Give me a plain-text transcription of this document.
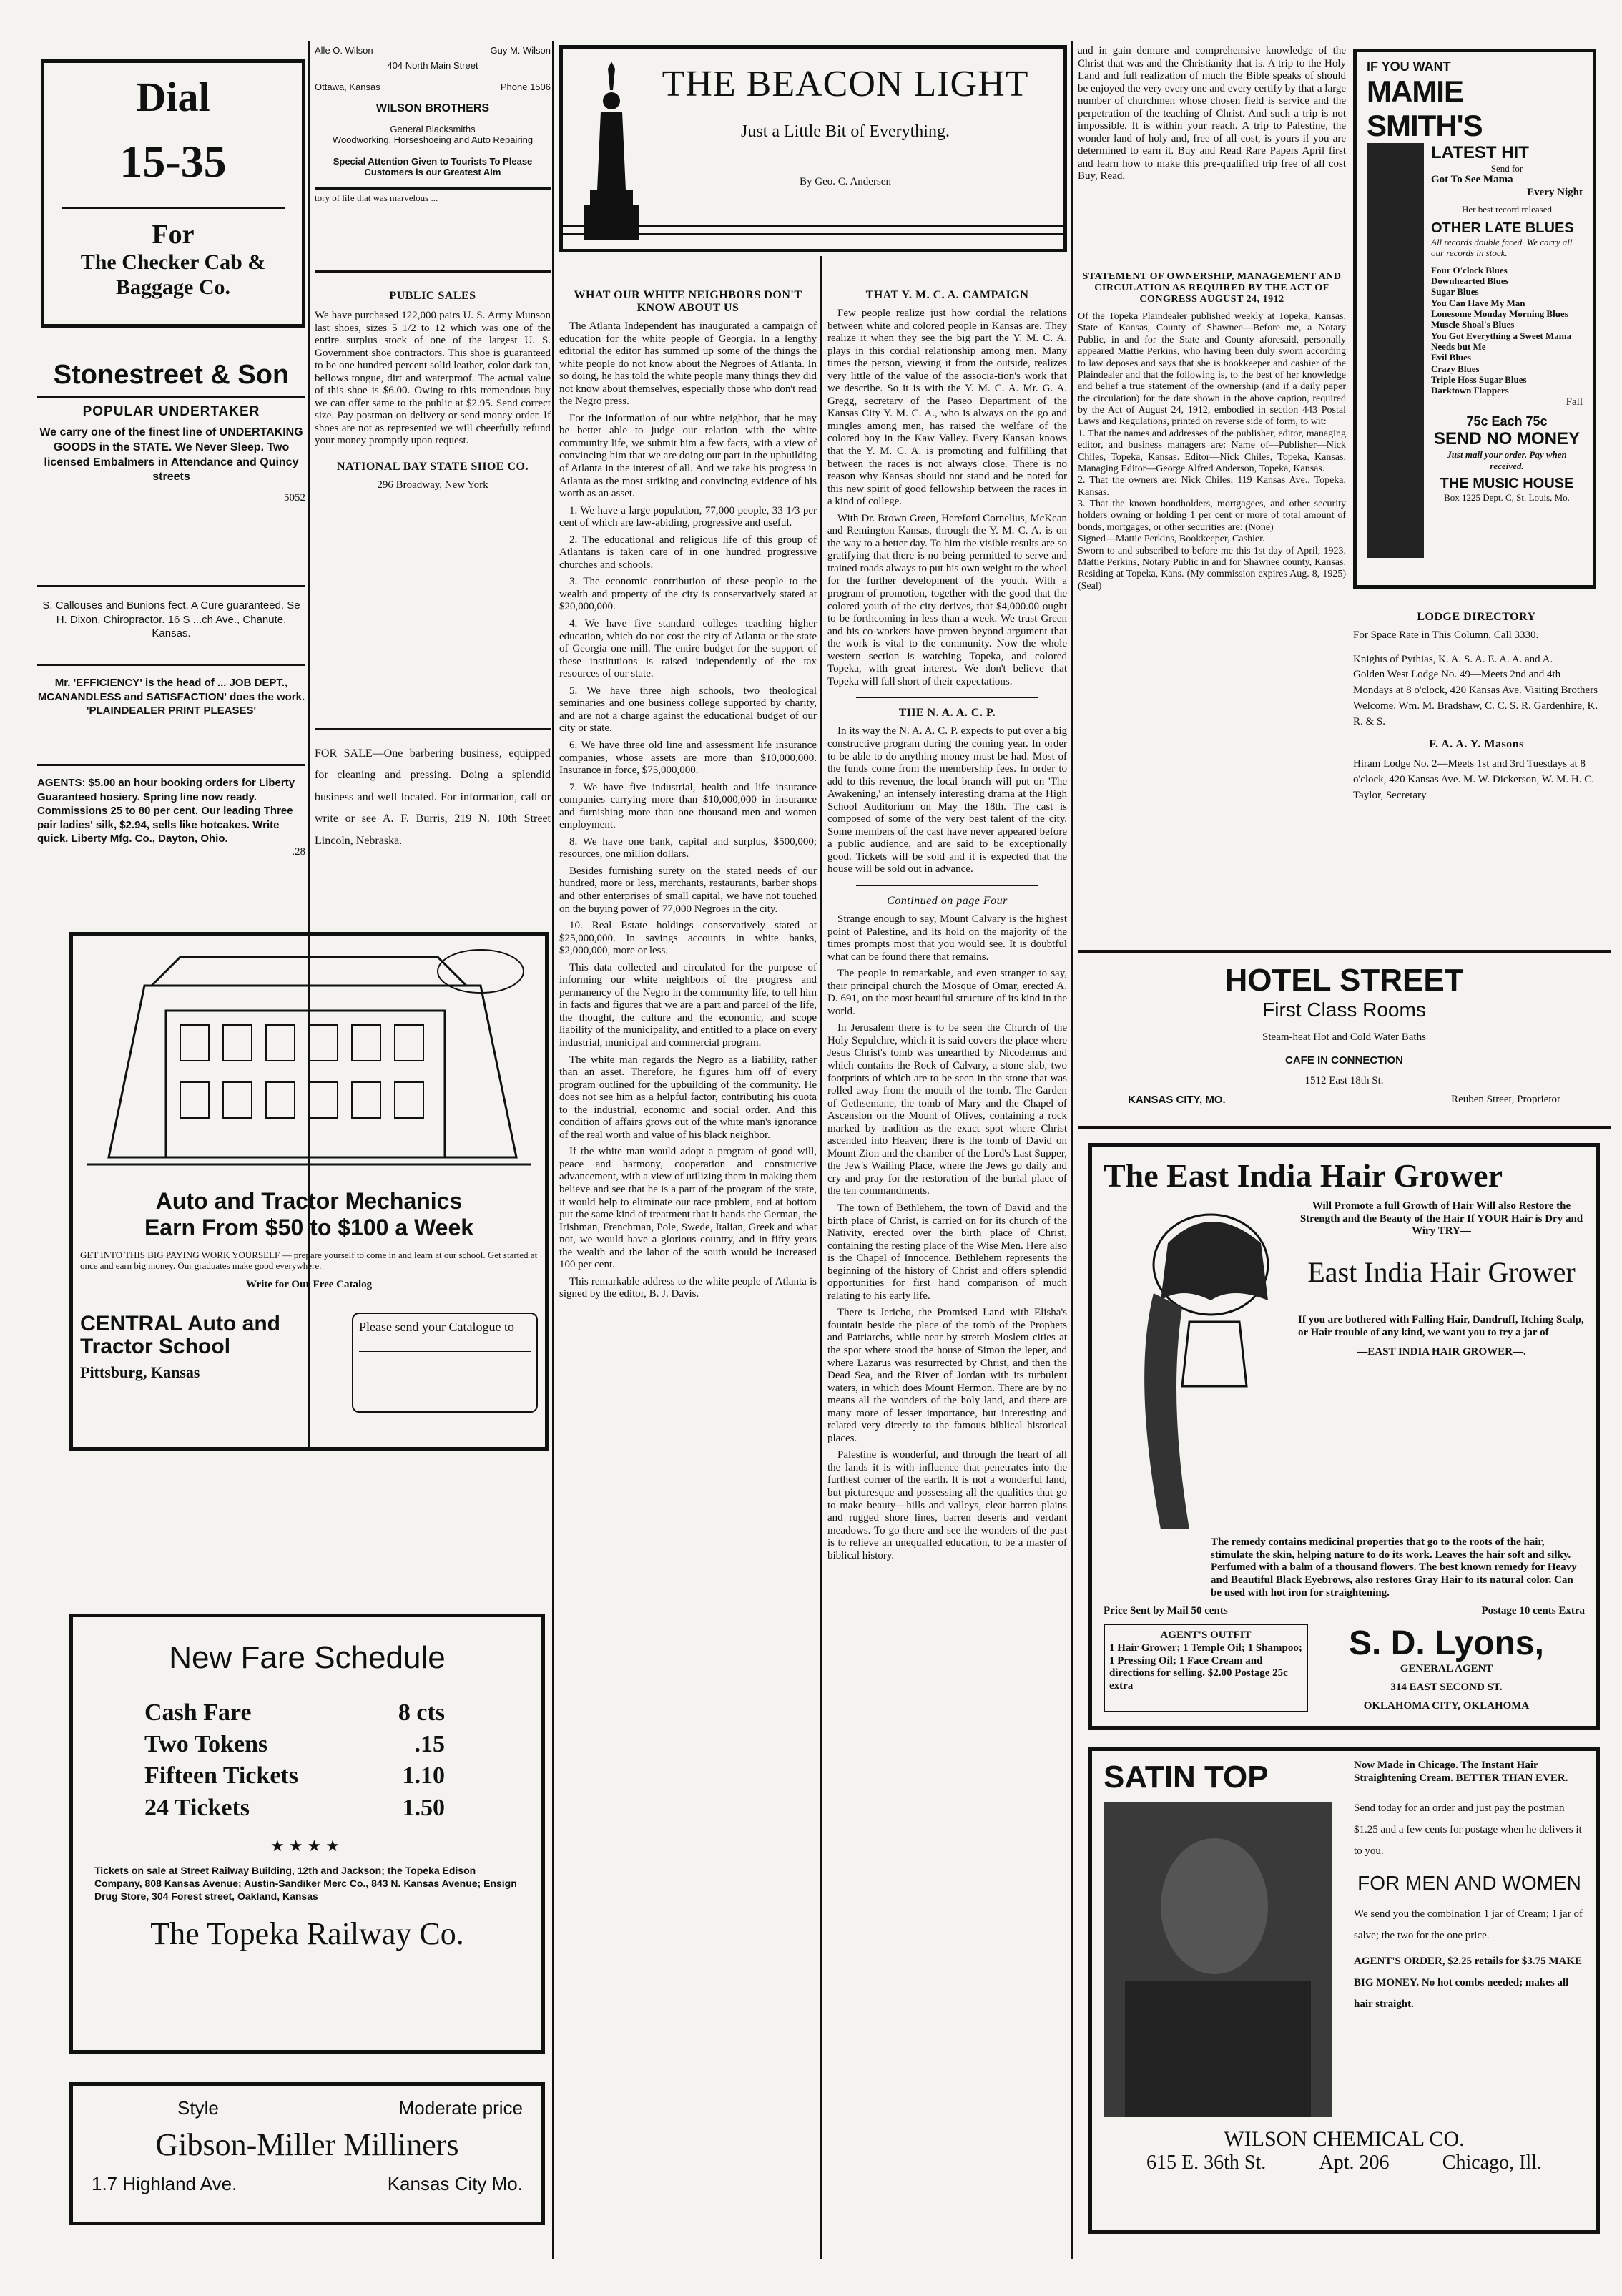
Dial
15-35
For
The Checker Cab & Baggage Co.
Stonestreet & Son
POPULAR UNDERTAKER
We carry one of the finest line of UNDERTAKING GOODS in the STATE. We Never Sleep. Two licensed Embalmers in Attendance and Quincy streets
5052
S. Callouses and Bunions fect. A Cure guaranteed. Se H. Dixon, Chiropractor. 16 S ...ch Ave., Chanute, Kansas.
Mr. 'EFFICIENCY' is the head of ... JOB DEPT., MCANANDLESS and SATISFACTION' does the work. 'PLAINDEALER PRINT PLEASES'
AGENTS: $5.00 an hour booking orders for Liberty Guaranteed hosiery. Spring line now ready. Commissions 25 to 80 per cent. Our leading Three pair ladies' silk, $2.94, sells like hotcakes. Write quick. Liberty Mfg. Co., Dayton, Ohio.
.28
Alle O. Wilson	Guy M. Wilson
404 North Main Street
Ottawa, Kansas	Phone 1506
WILSON BROTHERS
General Blacksmiths
Woodworking, Horseshoeing and Auto Repairing
Special Attention Given to Tourists To Please Customers is our Greatest Aim
tory of life that was marvelous ...
PUBLIC SALES
We have purchased 122,000 pairs U. S. Army Munson last shoes, sizes 5 1/2 to 12 which was one of the entire surplus stock of one of the largest U. S. Government shoe contractors. This shoe is guaranteed to be one hundred percent solid leather, color dark tan, bellows tongue, dirt and waterproof. The actual value of this shoe is $6.00. Owing to this tremendous buy we can offer same to the public at $2.95. Send correct size. Pay postman on delivery or send money order. If shoes are not as represented we will cheerfully refund your money promptly upon request.
NATIONAL BAY STATE SHOE CO.
296 Broadway, New York
FOR SALE—One barbering business, equipped for cleaning and pressing. Doing a splendid business and well located. For information, call or write or see A. F. Burris, 219 N. 10th Street Lincoln, Nebraska.
Auto and Tractor Mechanics
Earn From $50 to $100 a Week
GET INTO THIS BIG PAYING WORK YOURSELF — prepare yourself to come in and learn at our school. Get started at once and earn big money. Our graduates make good everywhere.
Write for Our Free Catalog
CENTRAL Auto and Tractor School
Pittsburg, Kansas
Please send your Catalogue to—
New Fare Schedule
Cash Fare	8 cts
Two Tokens	.15
Fifteen Tickets	1.10
24 Tickets	1.50
★★★★
Tickets on sale at Street Railway Building, 12th and Jackson; the Topeka Edison Company, 808 Kansas Avenue; Austin-Sandiker Merc Co., 843 N. Kansas Avenue; Ensign Drug Store, 304 Forest street, Oakland, Kansas
The Topeka Railway Co.
Style	Moderate price
Gibson-Miller Milliners
1.7 Highland Ave.	Kansas City Mo.
THE BEACON LIGHT
Just a Little Bit of Everything.
By Geo. C. Andersen
WHAT OUR WHITE NEIGHBORS DON'T KNOW ABOUT US

The Atlanta Independent has inaugurated a campaign of education for the white people of Georgia. In a lengthy editorial the editor has summed up some of the things the white people do not know about the Negroes of Atlanta. In so doing, he has told the white people many things they did not know about themselves, especially those who don't read the Negro press.

For the information of our white neighbor, that he may be better able to judge our relation with the white community life, we submit him a few facts, with a view of convincing him that we are doing our part in the upbuilding of Atlanta in the interest of all. And we take his progress in Atlanta as the most striking and convincing evidence of his worth as an asset.

1. We have a large population, 77,000 people, 33 1/3 per cent of which are law-abiding, progressive and useful.

2. The educational and religious life of this group of Atlantans is taken care of in one hundred progressive churches and schools.

3. The economic contribution of these people to the wealth and property of the city is conservatively stated at $20,000,000.

4. We have five standard colleges teaching higher education, which do not cost the city of Atlanta or the state of Georgia one mill. The entire budget for the support of these institutions is raised independently of the tax resources of our state.

5. We have three high schools, two theological seminaries and one business college supported by charity, and are not a charge against the educational budget of our city or state.

6. We have three old line and assessment life insurance companies, whose assets are more than $10,000,000. Insurance in force, $75,000,000.

7. We have five industrial, health and life insurance companies carrying more than $10,000,000 in insurance and furnishing more than one thousand men and women employment.

8. We have one bank, capital and surplus, $500,000; resources, one million dollars.

Besides furnishing surety on the stated needs of our hundred, more or less, merchants, restaurants, barber shops and other enterprises of small capital, we have not touched on the buying power of 77,000 Negroes in the city.

10. Real Estate holdings conservatively stated at $25,000,000. In savings accounts in white banks, $2,000,000, more or less.

This data collected and circulated for the purpose of informing our white neighbors of the progress and permanency of the Negro in the community life, to tell him in facts and figures that we are a part and parcel of the life, the thought, the culture and the economic, and scope liability of the municipality, and entitled to a place on every industrial, municipal and commercial program.

The white man regards the Negro as a liability, rather than an asset. Therefore, he figures him off of every program outlined for the upbuilding of the community. He does not see him as a helpful factor, contributing his quota to the industrial, economic and social order. And this condition of affairs grows out of the white man's ignorance of the real worth and value of his black neighbor.

If the white man would adopt a program of good will, peace and harmony, cooperation and constructive advancement, with a view of utilizing them in making them believe and see that he is a part of the program of the state, it would help to eliminate our race problem, and at bottom put the same kind of treatment that it hands the German, the Irishman, Frenchman, Pole, Swede, Italian, Greek and what not, we would have a glorious country, and in fifty years the wealth and the labor of the south would be increased 100 per cent.

This remarkable address to the white people of Atlanta is signed by the editor, B. J. Davis.

THAT Y. M. C. A. CAMPAIGN

Few people realize just how cordial the relations between white and colored people in Kansas are. They realize it when they see the big part the Y. M. C. A. plays in this cordial relationship among men. Many times the person, viewing it from the outside, realizes very little of the value of the associa-tion's work that we describe. So it is with the Y. M. C. A. Mr. G. A. Gregg, secretary of the Paseo Department of the Kansas City Y. M. C. A., who is always on the go and mingles among men, has raised the welfare of the colored boy in the Kaw Valley. Every Kansan knows that the Y. M. C. A. is promoting and fulfilling that between the races is not always close. There is no reason why Kansas should not stand and be noted for this new spirit of good fellowship between the races in a kind of college.

With Dr. Brown Green, Hereford Cornelius, McKean and Remington Kansas, through the Y. M. C. A. is on the way to a better day. To him the visible results are so gratifying that there is no being permitted to serve and trained roads always to put his own weight to the wheel for the further development of the youth. With a program of promotion, together with the good that the colored youth of the city derives, that $4,000.00 ought to be forthcoming in less than a week. We trust Green and his co-workers have proven beyond argument that the work is vital to the community. Now the whole western section is watching Topeka, and colored Topeka, with great interest. We don't believe that Topeka will fall short of their expectations.

THE N. A. A. C. P.

In its way the N. A. A. C. P. expects to put over a big constructive program during the coming year. In order to be able to do anything money must be had. Most of the funds come from the membership fees. In order to add to this revenue, the local branch will put on 'The Awakening,' an intensely interesting drama at the High School Auditorium on May the 18th. The cast is composed of some of the very best talent of the city. Some members of the cast have never appeared before a public audience, and are said to be exceptionally good. Tickets will be sold and it is expected that the house will be sold out in advance.

Continued on page Four

Strange enough to say, Mount Calvary is the highest point of Palestine, and its hold on the majority of the times prompts most that you would see. It is doubtful what can be found there that remains.

The people in remarkable, and even stranger to say, their principal church the Mosque of Omar, erected A. D. 691, on the most beautiful structure of its kind in the world.

In Jerusalem there is to be seen the Church of the Holy Sepulchre, which it is said covers the place where Jesus Christ's tomb was unearthed by Nicodemus and which contains the Rock of Calvary, a stone slab, two footprints of which are to be seen in the stone that was rolled away from the mouth of the tomb. The Garden of Gethsemane, the tomb of Mary and the Chapel of Ascension on the Mount of Olives, containing a rock marked by tradition as the exact spot where Christ ascended into Heaven; there is the tomb of David on Mount Zion and the chamber of the Lord's Last Supper, the Jew's Wailing Place, where the Jews go daily and cry and pray for the restoration of the burial place of the ten commandments.

The town of Bethlehem, the town of David and the birth place of Christ, is carried on for its church of the Nativity, erected over the birth place of Christ, containing the resting place of the Wise Men. Here also is the Chapel of Innocence. Bethlehem represents the beginning of the history of Christ and offers splendid opportunities for first hand comparison of much relating to his early life.

There is Jericho, the Promised Land with Elisha's fountain beside the place of the tomb of the Prophets and Patriarchs, while near by stretch Moslem cities at the spot where stood the house of Simon the leper, and where Lazarus was resurrected by Christ, and then the Dead Sea, and the River of Jordan with its turbulent waters, in which does Mount Hermon. There are by no means all the wonders of the holy land, and there are many more of lesser importance, but interesting and related very directly to the famous biblical historical places.

Palestine is wonderful, and through the heart of all the lands it is with influence that penetrates into the furthest corner of the earth. It is not a wonderful land, but picturesque and possessing all the qualities that go to make beauty—hills and valleys, clear barren plains and rugged shore lines, barren deserts and verdant meadows. To go there and see the wonders of the past is to relieve an unequalled education, to be a master of biblical history.

and in gain demure and comprehensive knowledge of the Christ that was and the Christianity that is. A trip to the Holy Land and full realization of much the Bible speaks of should be enjoyed the very every one and every certify by that a large number of churchmen whose chosen field is service and the perpetration of the teaching of Christ. And such a trip is not impossible. It is within your reach. A trip to Palestine, the wonder land of holy and, free of all cost, is yours if you are determined to earn it. Buy and Read Rare Papers April first and learn how to make this pre-qualified trip free of all cost Buy, Read.
STATEMENT OF OWNERSHIP, MANAGEMENT AND CIRCULATION AS REQUIRED BY THE ACT OF CONGRESS AUGUST 24, 1912
Of the Topeka Plaindealer published weekly at Topeka, Kansas. State of Kansas, County of Shawnee—Before me, a Notary Public, in and for the State and County aforesaid, personally appeared Mattie Perkins, who having been duly sworn according to law deposes and says that she is bookkeeper and cashier of the Plaindealer and that the following is, to the best of her knowledge and belief a true statement of the ownership (and if a daily paper the circulation) for the date shown in the above caption, required by the Act of August 24, 1912, embodied in section 443 Postal Laws and Regulations, printed on reverse side of form, to wit:
1. That the names and addresses of the publisher, editor, managing editor, and business managers are: Name of—Publisher—Nick Chiles, Topeka, Kansas. Editor—Nick Chiles, Topeka, Kansas. Managing Editor—George Alfred Anderson, Topeka, Kansas.
2. That the owners are: Nick Chiles, 119 Kansas Ave., Topeka, Kansas.
3. That the known bondholders, mortgagees, and other security holders owning or holding 1 per cent or more of total amount of bonds, mortgages, or other securities are: (None)
Signed—Mattie Perkins, Bookkeeper, Cashier.
Sworn to and subscribed to before me this 1st day of April, 1923. Mattie Perkins, Notary Public in and for Shawnee county, Kansas. Residing at Topeka, Kans. (My commission expires Aug. 8, 1925) (Seal)
IF YOU WANT
MAMIE SMITH'S
LATEST HIT
Send for
Got To See Mama
Every Night
Her best record released
OTHER LATE BLUES
All records double faced. We carry all our records in stock.
Four O'clock Blues
Downhearted Blues
Sugar Blues
You Can Have My Man
Lonesome Monday Morning Blues
Muscle Shoal's Blues
You Got Everything a Sweet Mama Needs but Me
Evil Blues
Crazy Blues
Triple Hoss Sugar Blues
Darktown Flappers
Fall
75c Each 75c
SEND NO MONEY
Just mail your order. Pay when received.
THE MUSIC HOUSE
Box 1225 Dept. C, St. Louis, Mo.
LODGE DIRECTORY
For Space Rate in This Column, Call 3330.
Knights of Pythias, K. A. S. A. E. A. A. and A.
Golden West Lodge No. 49—Meets 2nd and 4th Mondays at 8 o'clock, 420 Kansas Ave. Visiting Brothers Welcome. Wm. M. Bradshaw, C. C. S. R. Gardenhire, K. R. & S.
F. A. A. Y. Masons
Hiram Lodge No. 2—Meets 1st and 3rd Tuesdays at 8 o'clock, 420 Kansas Ave. M. W. Dickerson, W. M. H. C. Taylor, Secretary
HOTEL STREET
First Class Rooms
Steam-heat Hot and Cold Water Baths
CAFE IN CONNECTION
1512 East 18th St.
KANSAS CITY, MO.	Reuben Street, Proprietor
The East India Hair Grower
Will Promote a full Growth of Hair Will also Restore the Strength and the Beauty of the Hair If YOUR Hair is Dry and Wiry TRY—
East India Hair Grower
If you are bothered with Falling Hair, Dandruff, Itching Scalp, or Hair trouble of any kind, we want you to try a jar of
—EAST INDIA HAIR GROWER—.
The remedy contains medicinal properties that go to the roots of the hair, stimulate the skin, helping nature to do its work. Leaves the hair soft and silky. Perfumed with a balm of a thousand flowers. The best known remedy for Heavy and Beautiful Black Eyebrows, also restores Gray Hair to its natural color. Can be used with hot iron for straightening.
Price Sent by Mail 50 cents	Postage 10 cents Extra
AGENT'S OUTFIT
1 Hair Grower; 1 Temple Oil; 1 Shampoo; 1 Pressing Oil; 1 Face Cream and directions for selling. $2.00 Postage 25c extra
S. D. Lyons,
GENERAL AGENT
314 EAST SECOND ST.
OKLAHOMA CITY, OKLAHOMA
SATIN TOP	Now Made in Chicago. The Instant Hair Straightening Cream. BETTER THAN EVER.
Send today for an order and just pay the postman $1.25 and a few cents for postage when he delivers it to you.
FOR MEN AND WOMEN
We send you the combination 1 jar of Cream; 1 jar of salve; the two for the one price.
AGENT'S ORDER, $2.25 retails for $3.75 MAKE BIG MONEY. No hot combs needed; makes all hair straight.
WILSON CHEMICAL CO.
615 E. 36th St.	Apt. 206	Chicago, Ill.
